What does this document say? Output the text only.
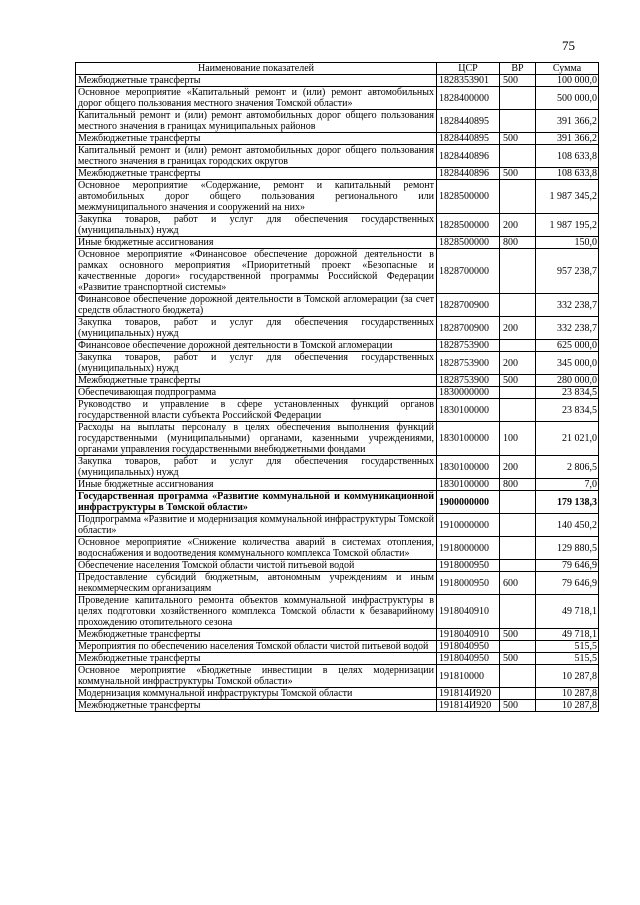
75
Наименование показателей	ЦСР	ВР	Сумма
Межбюджетные трансферты	1828353901	500	100 000,0
Основное мероприятие «Капитальный ремонт и (или) ремонт автомобильных дорог общего пользования местного значения Томской области»	1828400000		500 000,0
Капитальный ремонт и (или) ремонт автомобильных дорог общего пользования местного значения в границах муниципальных районов	1828440895		391 366,2
Межбюджетные трансферты	1828440895	500	391 366,2
Капитальный ремонт и (или) ремонт автомобильных дорог общего пользования местного значения в границах городских округов	1828440896		108 633,8
Межбюджетные трансферты	1828440896	500	108 633,8
Основное мероприятие «Содержание, ремонт и капитальный ремонт автомобильных дорог общего пользования регионального или межмуниципального значения и сооружений на них»	1828500000		1 987 345,2
Закупка товаров, работ и услуг для обеспечения государственных (муниципальных) нужд	1828500000	200	1 987 195,2
Иные бюджетные ассигнования	1828500000	800	150,0
Основное мероприятие «Финансовое обеспечение дорожной деятельности в рамках основного мероприятия «Приоритетный проект «Безопасные и качественные дороги» государственной программы Российской Федерации «Развитие транспортной системы»	1828700000		957 238,7
Финансовое обеспечение дорожной деятельности в Томской агломерации (за счет средств областного бюджета)	1828700900		332 238,7
Закупка товаров, работ и услуг для обеспечения государственных (муниципальных) нужд	1828700900	200	332 238,7
Финансовое обеспечение дорожной деятельности в Томской агломерации	1828753900		625 000,0
Закупка товаров, работ и услуг для обеспечения государственных (муниципальных) нужд	1828753900	200	345 000,0
Межбюджетные трансферты	1828753900	500	280 000,0
Обеспечивающая подпрограмма	1830000000		23 834,5
Руководство и управление в сфере установленных функций органов государственной власти субъекта Российской Федерации	1830100000		23 834,5
Расходы на выплаты персоналу в целях обеспечения выполнения функций государственными (муниципальными) органами, казенными учреждениями, органами управления государственными внебюджетными фондами	1830100000	100	21 021,0
Закупка товаров, работ и услуг для обеспечения государственных (муниципальных) нужд	1830100000	200	2 806,5
Иные бюджетные ассигнования	1830100000	800	7,0
Государственная программа «Развитие коммунальной и коммуникационной инфраструктуры в Томской области»	1900000000		179 138,3
Подпрограмма «Развитие и модернизация коммунальной инфраструктуры Томской области»	1910000000		140 450,2
Основное мероприятие «Снижение количества аварий в системах отопления, водоснабжения и водоотведения коммунального комплекса Томской области»	1918000000		129 880,5
Обеспечение населения Томской области чистой питьевой водой	1918000950		79 646,9
Предоставление субсидий бюджетным, автономным учреждениям и иным некоммерческим организациям	1918000950	600	79 646,9
Проведение капитального ремонта объектов коммунальной инфраструктуры в целях подготовки хозяйственного комплекса Томской области к безаварийному прохождению отопительного сезона	1918040910		49 718,1
Межбюджетные трансферты	1918040910	500	49 718,1
Мероприятия по обеспечению населения Томской области чистой питьевой водой	1918040950		515,5
Межбюджетные трансферты	1918040950	500	515,5
Основное мероприятие «Бюджетные инвестиции в целях модернизации коммунальной инфраструктуры Томской области»	191810000		10 287,8
Модернизация коммунальной инфраструктуры Томской области	191814И920		10 287,8
Межбюджетные трансферты	191814И920	500	10 287,8
